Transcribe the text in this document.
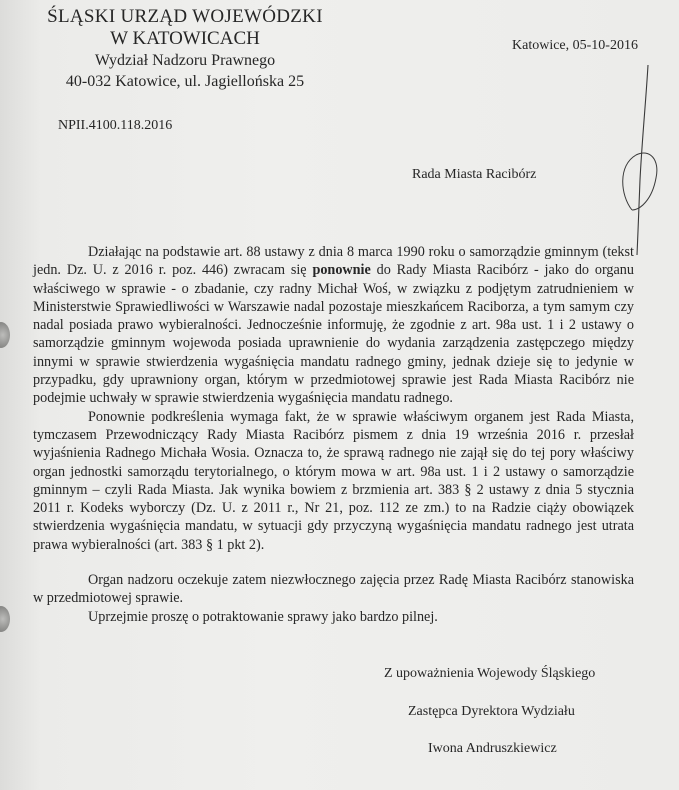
ŚLĄSKI URZĄD WOJEWÓDZKI
W KATOWICACH
Wydział Nadzoru Prawnego
40-032 Katowice, ul. Jagiellońska 25
Katowice, 05-10-2016
NPII.4100.118.2016
Rada Miasta Racibórz

Działając na podstawie art. 88 ustawy z dnia 8 marca 1990 roku o samorządzie gminnym (tekst jedn. Dz. U. z 2016 r. poz. 446) zwracam się ponownie do Rady Miasta Racibórz - jako do organu właściwego w sprawie - o zbadanie, czy radny Michał Woś, w związku z podjętym zatrudnieniem w Ministerstwie Sprawiedliwości w Warszawie nadal pozostaje mieszkańcem Raciborza, a tym samym czy nadal posiada prawo wybieralności. Jednocześnie informuję, że zgodnie z art. 98a ust. 1 i 2 ustawy o samorządzie gminnym wojewoda posiada uprawnienie do wydania zarządzenia zastępczego między innymi w sprawie stwierdzenia wygaśnięcia mandatu radnego gminy, jednak dzieje się to jedynie w przypadku, gdy uprawniony organ, którym w przedmiotowej sprawie jest Rada Miasta Racibórz nie podejmie uchwały w sprawie stwierdzenia wygaśnięcia mandatu radnego.

Ponownie podkreślenia wymaga fakt, że w sprawie właściwym organem jest Rada Miasta, tymczasem Przewodniczący Rady Miasta Racibórz pismem z dnia 19 września 2016 r. przesłał wyjaśnienia Radnego Michała Wosia. Oznacza to, że sprawą radnego nie zajął się do tej pory właściwy organ jednostki samorządu terytorialnego, o którym mowa w art. 98a ust. 1 i 2 ustawy o samorządzie gminnym – czyli Rada Miasta. Jak wynika bowiem z brzmienia art. 383 § 2 ustawy z dnia 5 stycznia 2011 r. Kodeks wyborczy (Dz. U. z 2011 r., Nr 21, poz. 112 ze zm.) to na Radzie ciąży obowiązek stwierdzenia wygaśnięcia mandatu, w sytuacji gdy przyczyną wygaśnięcia mandatu radnego jest utrata prawa wybieralności (art. 383 § 1 pkt 2).

Organ nadzoru oczekuje zatem niezwłocznego zajęcia przez Radę Miasta Racibórz stanowiska w przedmiotowej sprawie.

Uprzejmie proszę o potraktowanie sprawy jako bardzo pilnej.

Z upoważnienia Wojewody Śląskiego
Zastępca Dyrektora Wydziału
Iwona Andruszkiewicz
